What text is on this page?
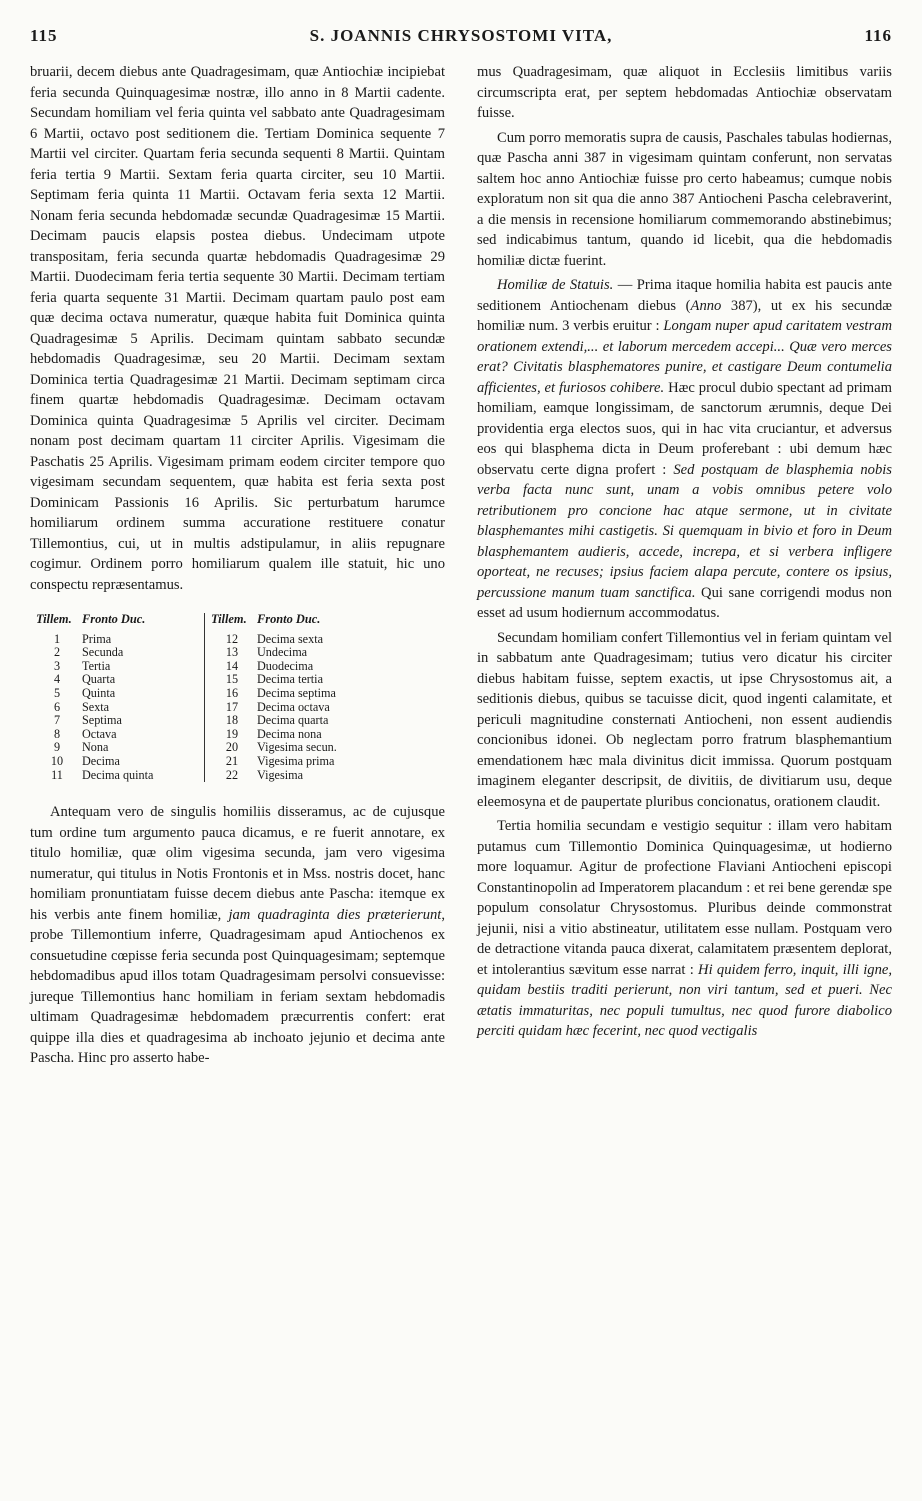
115	S. JOANNIS CHRYSOSTOMI VITA,	116

bruarii, decem diebus ante Quadragesimam, quæ Antiochiæ incipiebat feria secunda Quinquagesimæ nostræ, illo anno in 8 Martii cadente. Secundam homiliam vel feria quinta vel sabbato ante Quadragesimam 6 Martii, octavo post seditionem die. Tertiam Dominica sequente 7 Martii vel circiter. Quartam feria secunda sequenti 8 Martii. Quintam feria tertia 9 Martii. Sextam feria quarta circiter, seu 10 Martii. Septimam feria quinta 11 Martii. Octavam feria sexta 12 Martii. Nonam feria secunda hebdomadæ secundæ Quadragesimæ 15 Martii. Decimam paucis elapsis postea diebus. Undecimam utpote transpositam, feria secunda quartæ hebdomadis Quadragesimæ 29 Martii. Duodecimam feria tertia sequente 30 Martii. Decimam tertiam feria quarta sequente 31 Martii. Decimam quartam paulo post eam quæ decima octava numeratur, quæque habita fuit Dominica quinta Quadragesimæ 5 Aprilis. Decimam quintam sabbato secundæ hebdomadis Quadragesimæ, seu 20 Martii. Decimam sextam Dominica tertia Quadragesimæ 21 Martii. Decimam septimam circa finem quartæ hebdomadis Quadragesimæ. Decimam octavam Dominica quinta Quadragesimæ 5 Aprilis vel circiter. Decimam nonam post decimam quartam 11 circiter Aprilis. Vigesimam die Paschatis 25 Aprilis. Vigesimam primam eodem circiter tempore quo vigesimam secundam sequentem, quæ habita est feria sexta post Dominicam Passionis 16 Aprilis. Sic perturbatum harumce homiliarum ordinem summa accuratione restituere conatur Tillemontius, cui, ut in multis adstipulamur, in aliis repugnare cogimur. Ordinem porro homiliarum qualem ille statuit, hic uno conspectu repræsentamus.

Tillem.	Fronto Duc.		Tillem.	Fronto Duc.
1	Prima		12	Decima sexta
2	Secunda		13	Undecima
3	Tertia		14	Duodecima
4	Quarta		15	Decima tertia
5	Quinta		16	Decima septima
6	Sexta		17	Decima octava
7	Septima		18	Decima quarta
8	Octava		19	Decima nona
9	Nona		20	Vigesima secun.
10	Decima		21	Vigesima prima
11	Decima quinta		22	Vigesima

Antequam vero de singulis homiliis disseramus, ac de cujusque tum ordine tum argumento pauca dicamus, e re fuerit annotare, ex titulo homiliæ, quæ olim vigesima secunda, jam vero vigesima numeratur, qui titulus in Notis Frontonis et in Mss. nostris docet, hanc homiliam pronuntiatam fuisse decem diebus ante Pascha: itemque ex his verbis ante finem homiliæ, jam quadraginta dies præterierunt, probe Tillemontium inferre, Quadragesimam apud Antiochenos ex consuetudine cœpisse feria secunda post Quinquagesimam; septemque hebdomadibus apud illos totam Quadragesimam persolvi consuevisse: jureque Tillemontius hanc homiliam in feriam sextam hebdomadis ultimam Quadragesimæ hebdomadem præcurrentis confert: erat quippe illa dies et quadragesima ab inchoato jejunio et decima ante Pascha. Hinc pro asserto habe-

mus Quadragesimam, quæ aliquot in Ecclesiis limitibus variis circumscripta erat, per septem hebdomadas Antiochiæ observatam fuisse.

Cum porro memoratis supra de causis, Paschales tabulas hodiernas, quæ Pascha anni 387 in vigesimam quintam conferunt, non servatas saltem hoc anno Antiochiæ fuisse pro certo habeamus; cumque nobis exploratum non sit qua die anno 387 Antiocheni Pascha celebraverint, a die mensis in recensione homiliarum commemorando abstinebimus; sed indicabimus tantum, quando id licebit, qua die hebdomadis homiliæ dictæ fuerint.

Homiliæ de Statuis. — Prima itaque homilia habita est paucis ante seditionem Antiochenam diebus (Anno 387), ut ex his secundæ homiliæ num. 3 verbis eruitur : Longam nuper apud caritatem vestram orationem extendi,... et laborum mercedem accepi... Quæ vero merces erat? Civitatis blasphematores punire, et castigare Deum contumelia afficientes, et furiosos cohibere. Hæc procul dubio spectant ad primam homiliam, eamque longissimam, de sanctorum ærumnis, deque Dei providentia erga electos suos, qui in hac vita cruciantur, et adversus eos qui blasphema dicta in Deum proferebant : ubi demum hæc observatu certe digna profert : Sed postquam de blasphemia nobis verba facta nunc sunt, unam a vobis omnibus petere volo retributionem pro concione hac atque sermone, ut in civitate blasphemantes mihi castigetis. Si quemquam in bivio et foro in Deum blasphemantem audieris, accede, increpa, et si verbera infligere oporteat, ne recuses; ipsius faciem alapa percute, contere os ipsius, percussione manum tuam sanctifica. Qui sane corrigendi modus non esset ad usum hodiernum accommodatus.

Secundam homiliam confert Tillemontius vel in feriam quintam vel in sabbatum ante Quadragesimam; tutius vero dicatur his circiter diebus habitam fuisse, septem exactis, ut ipse Chrysostomus ait, a seditionis diebus, quibus se tacuisse dicit, quod ingenti calamitate, et periculi magnitudine consternati Antiocheni, non essent audiendis concionibus idonei. Ob neglectam porro fratrum blasphemantium emendationem hæc mala divinitus dicit immissa. Quorum postquam imaginem eleganter descripsit, de divitiis, de divitiarum usu, deque eleemosyna et de paupertate pluribus concionatus, orationem claudit.

Tertia homilia secundam e vestigio sequitur : illam vero habitam putamus cum Tillemontio Dominica Quinquagesimæ, ut hodierno more loquamur. Agitur de profectione Flaviani Antiocheni episcopi Constantinopolin ad Imperatorem placandum : et rei bene gerendæ spe populum consolatur Chrysostomus. Pluribus deinde commonstrat jejunii, nisi a vitio abstineatur, utilitatem esse nullam. Postquam vero de detractione vitanda pauca dixerat, calamitatem præsentem deplorat, et intolerantius sævitum esse narrat : Hi quidem ferro, inquit, illi igne, quidam bestiis traditi perierunt, non viri tantum, sed et pueri. Nec ætatis immaturitas, nec populi tumultus, nec quod furore diabolico perciti quidam hæc fecerint, nec quod vectigalis
